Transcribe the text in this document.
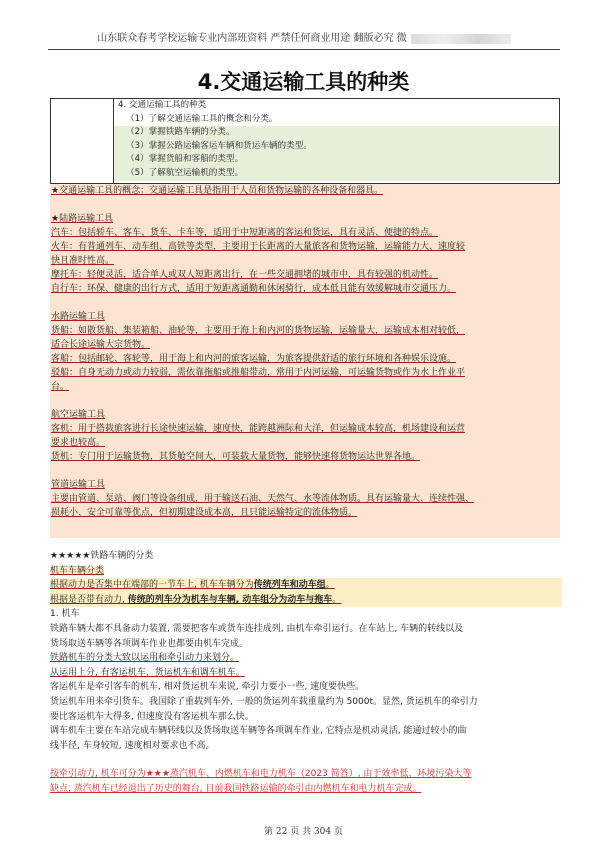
山东联众春考学校运输专业内部班资料 严禁任何商业用途 翻版必究 微
4.交通运输工具的种类
4. 交通运输工具的种类
（1）了解交通运输工具的概念和分类。
（2）掌握铁路车辆的分类。
（3）掌握公路运输客运车辆和货运车辆的类型。
（4）掌握货船和客船的类型。
（5）了解航空运输机的类型。
★交通运输工具的概念：交通运输工具是指用于人员和货物运输的各种设备和器具。
★陆路运输工具
汽车：包括轿车、客车、货车、卡车等，适用于中短距离的客运和货运，具有灵活、便捷的特点。
火车：有普通列车、动车组、高铁等类型，主要用于长距离的大量旅客和货物运输，运输能力大、速度较
快且准时性高。
摩托车：轻便灵活，适合单人或双人短距离出行，在一些交通拥堵的城市中，具有较强的机动性。
自行车：环保、健康的出行方式，适用于短距离通勤和休闲骑行，成本低且能有效缓解城市交通压力。
水路运输工具
货船：如散货船、集装箱船、油轮等，主要用于海上和内河的货物运输，运输量大，运输成本相对较低，
适合长途运输大宗货物。
客船：包括邮轮、客轮等，用于海上和内河的旅客运输，为旅客提供舒适的旅行环境和各种娱乐设施。
驳船：自身无动力或动力较弱，需依靠拖船或推船带动，常用于内河运输，可运输货物或作为水上作业平
台。
航空运输工具
客机：用于搭载旅客进行长途快速运输，速度快，能跨越洲际和大洋，但运输成本较高，机场建设和运营
要求也较高。
货机：专门用于运输货物，其货舱空间大，可装载大量货物，能够快速将货物运达世界各地。
管道运输工具
主要由管道、泵站、阀门等设备组成，用于输送石油、天然气、水等流体物质。具有运输量大、连续性强、
损耗小、安全可靠等优点，但初期建设成本高，且只能运输特定的流体物质。
★★★★★铁路车辆的分类
机车车辆分类
根据动力是否集中在端部的一节车上, 机车车辆分为传统列车和动车组。
根据是否带有动力, 传统的列车分为机车与车辆, 动车组分为动车与拖车。
1. 机车
铁路车辆大都不具备动力装置, 需要把客车或货车连挂成列, 由机车牵引运行。在车站上, 车辆的转线以及
货场取送车辆等各项调车作业也都要由机车完成。
铁路机车的分类大致以运用和牵引动力来划分。
从运用上分, 有客运机车、货运机车和调车机车。
客运机车是牵引客车的机车, 相对货运机车来说, 牵引力要小一些, 速度要快些。
货运机车用来牵引货车。我国除了重载列车外, 一般的货运列车载重量约为 5000t。显然, 货运机车的牵引力
要比客运机车大得多, 但速度没有客运机车那么快。
调车机车主要在车站完成车辆转线以及货场取送车辆等各项调车作业, 它特点是机动灵活, 能通过较小的曲
线半径, 车身较短, 速度相对要求也不高。
按牵引动力, 机车可分为★★★蒸汽机车、内燃机车和电力机车（2023 简答）, 由于效率低、环境污染大等
缺点, 蒸汽机车已经退出了历史的舞台, 目前我国铁路运输的牵引由内燃机车和电力机车完成。
第 22 页 共 304 页
